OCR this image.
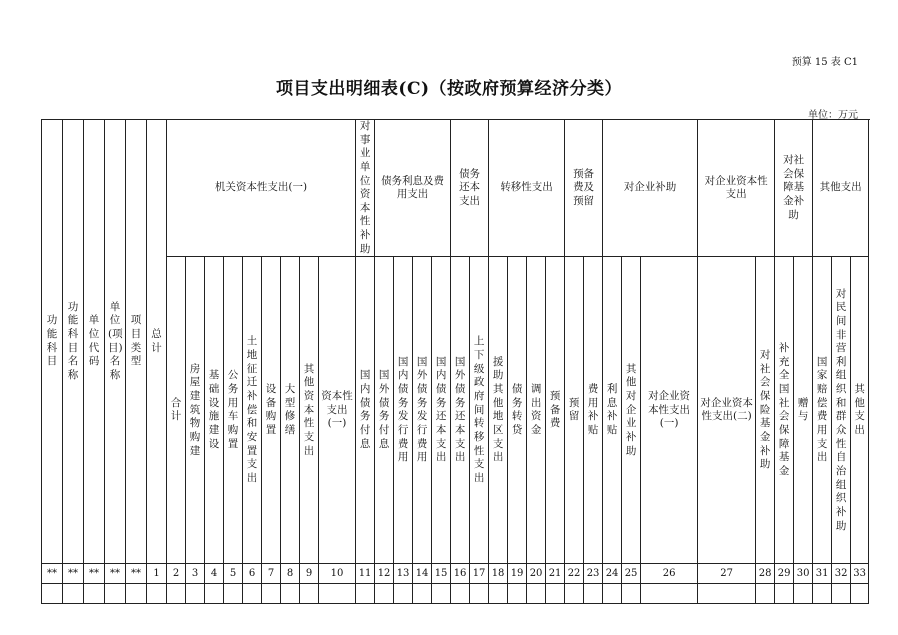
预算 15 表 C1
项目支出明细表(C)（按政府预算经济分类）
单位：万元
功能科目	功能科目名称	单位代码	单位(项目)名称	项目类型	总计	机关资本性支出(一)									对事业单位资本性补助	债务利息及费用支出				债务还本支出		转移性支出				预备费及预留		对企业补助			对企业资本性支出		对社会保障基金补助		其他支出		
						合计	房屋建筑物购建	基础设施建设	公务用车购置	土地征迁补偿和安置支出	设备购置	大型修缮	其他资本性支出	资本性支出(一)	国内债务付息	国外债务付息	国内债务发行费用	国外债务发行费用	国内债务还本支出	国外债务还本支出	上下级政府间转移性支出	援助其他地区支出	债务转贷	调出资金	预备费	预留	费用补贴	利息补贴	其他对企业补助	对企业资本性支出(一)	对企业资本性支出(二)	对社会保险基金补助	补充全国社会保障基金	赠与	国家赔偿费用支出	对民间非营利组织和群众性自治组织补助	其他支出
**	**	**	**	**	1	2	3	4	5	6	7	8	9	10	11	12	13	14	15	16	17	18	19	20	21	22	23	24	25	26	27	28	29	30	31	32	33
